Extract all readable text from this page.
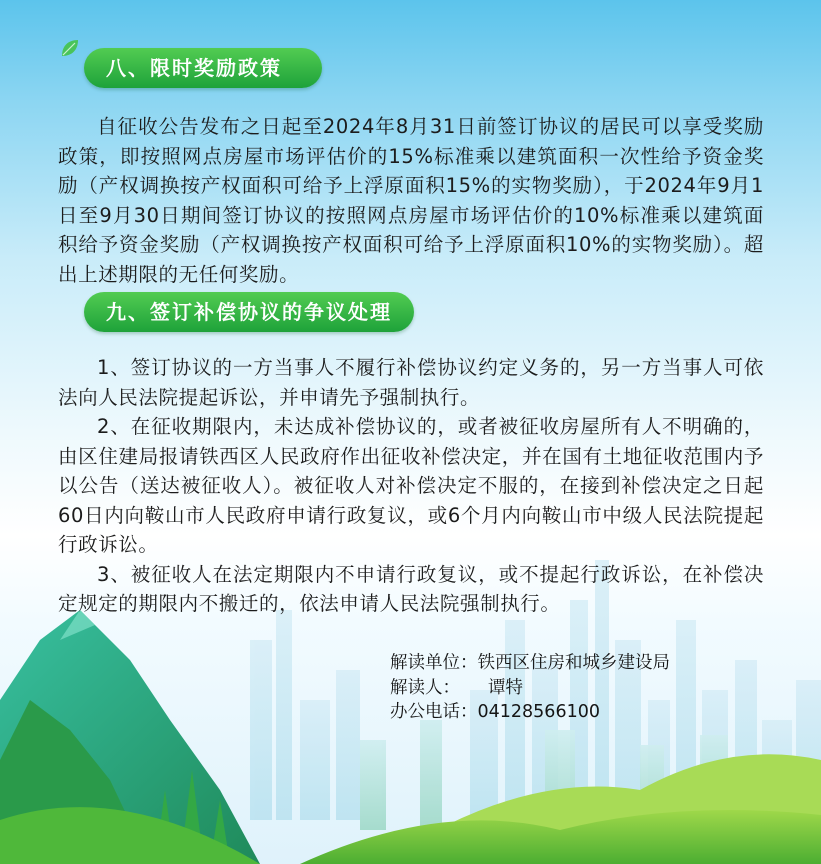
八、限时奖励政策

自征收公告发布之日起至2024年8月31日前签订协议的居民可以享受奖励政策，即按照网点房屋市场评估价的15%标准乘以建筑面积一次性给予资金奖励（产权调换按产权面积可给予上浮原面积15%的实物奖励），于2024年9月1日至9月30日期间签订协议的按照网点房屋市场评估价的10%标准乘以建筑面积给予资金奖励（产权调换按产权面积可给予上浮原面积10%的实物奖励）。超出上述期限的无任何奖励。

九、签订补偿协议的争议处理

1、签订协议的一方当事人不履行补偿协议约定义务的，另一方当事人可依法向人民法院提起诉讼，并申请先予强制执行。

2、在征收期限内，未达成补偿协议的，或者被征收房屋所有人不明确的，由区住建局报请铁西区人民政府作出征收补偿决定，并在国有土地征收范围内予以公告（送达被征收人）。被征收人对补偿决定不服的，在接到补偿决定之日起60日内向鞍山市人民政府申请行政复议，或6个月内向鞍山市中级人民法院提起行政诉讼。

3、被征收人在法定期限内不申请行政复议，或不提起行政诉讼，在补偿决定规定的期限内不搬迁的，依法申请人民法院强制执行。

解读单位：铁西区住房和城乡建设局
解读人： 谭特
办公电话：04128566100
